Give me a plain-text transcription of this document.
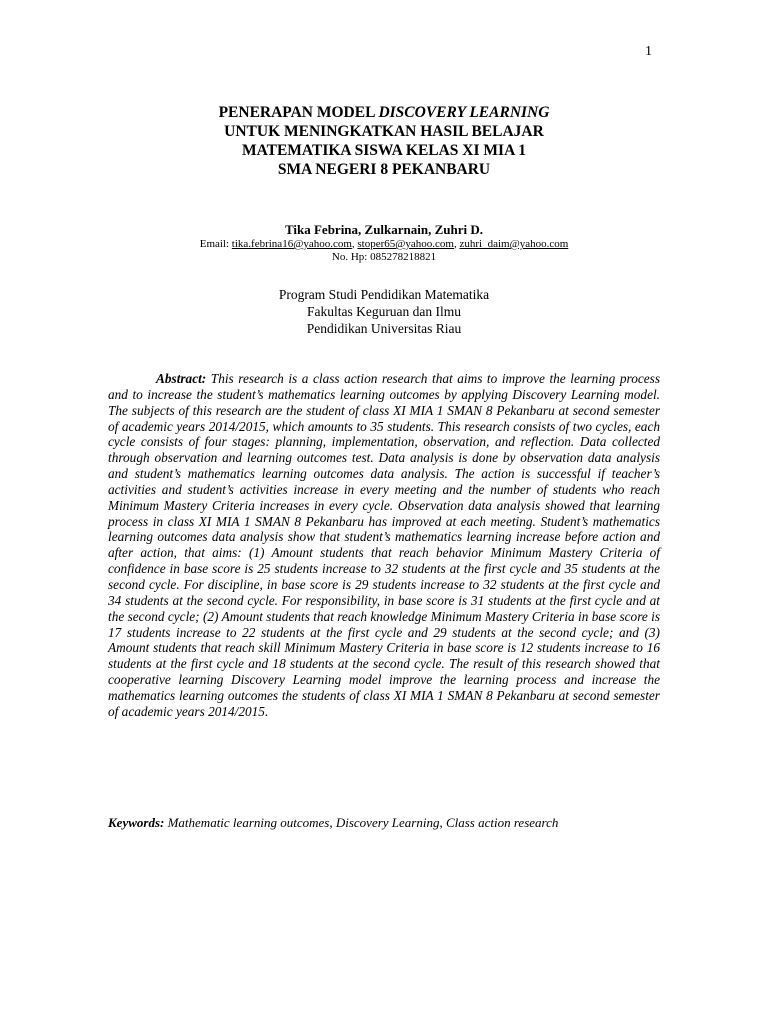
1
PENERAPAN MODEL DISCOVERY LEARNING
UNTUK MENINGKATKAN HASIL BELAJAR
MATEMATIKA SISWA KELAS XI MIA 1
SMA NEGERI 8 PEKANBARU
Tika Febrina, Zulkarnain, Zuhri D.
Email: tika.febrina16@yahoo.com, stoper65@yahoo.com, zuhri_daim@yahoo.com
No. Hp: 085278218821
Program Studi Pendidikan Matematika
Fakultas Keguruan dan Ilmu
Pendidikan Universitas Riau

Abstract: This research is a class action research that aims to improve the learning process and to increase the student’s mathematics learning outcomes by applying Discovery Learning model. The subjects of this research are the student of class XI MIA 1 SMAN 8 Pekanbaru at second semester of academic years 2014/2015, which amounts to 35 students. This research consists of two cycles, each cycle consists of four stages: planning, implementation, observation, and reflection. Data collected through observation and learning outcomes test. Data analysis is done by observation data analysis and student’s mathematics learning outcomes data analysis. The action is successful if teacher’s activities and student’s activities increase in every meeting and the number of students who reach Minimum Mastery Criteria increases in every cycle. Observation data analysis showed that learning process in class XI MIA 1 SMAN 8 Pekanbaru has improved at each meeting. Student’s mathematics learning outcomes data analysis show that student’s mathematics learning increase before action and after action, that aims: (1) Amount students that reach behavior Minimum Mastery Criteria of confidence in base score is 25 students increase to 32 students at the first cycle and 35 students at the second cycle. For discipline, in base score is 29 students increase to 32 students at the first cycle and 34 students at the second cycle. For responsibility, in base score is 31 students at the first cycle and at the second cycle; (2) Amount students that reach knowledge Minimum Mastery Criteria in base score is 17 students increase to 22 students at the first cycle and 29 students at the second cycle; and (3) Amount students that reach skill Minimum Mastery Criteria in base score is 12 students increase to 16 students at the first cycle and 18 students at the second cycle. The result of this research showed that cooperative learning Discovery Learning model improve the learning process and increase the mathematics learning outcomes the students of class XI MIA 1 SMAN 8 Pekanbaru at second semester of academic years 2014/2015.

Keywords: Mathematic learning outcomes, Discovery Learning, Class action research
